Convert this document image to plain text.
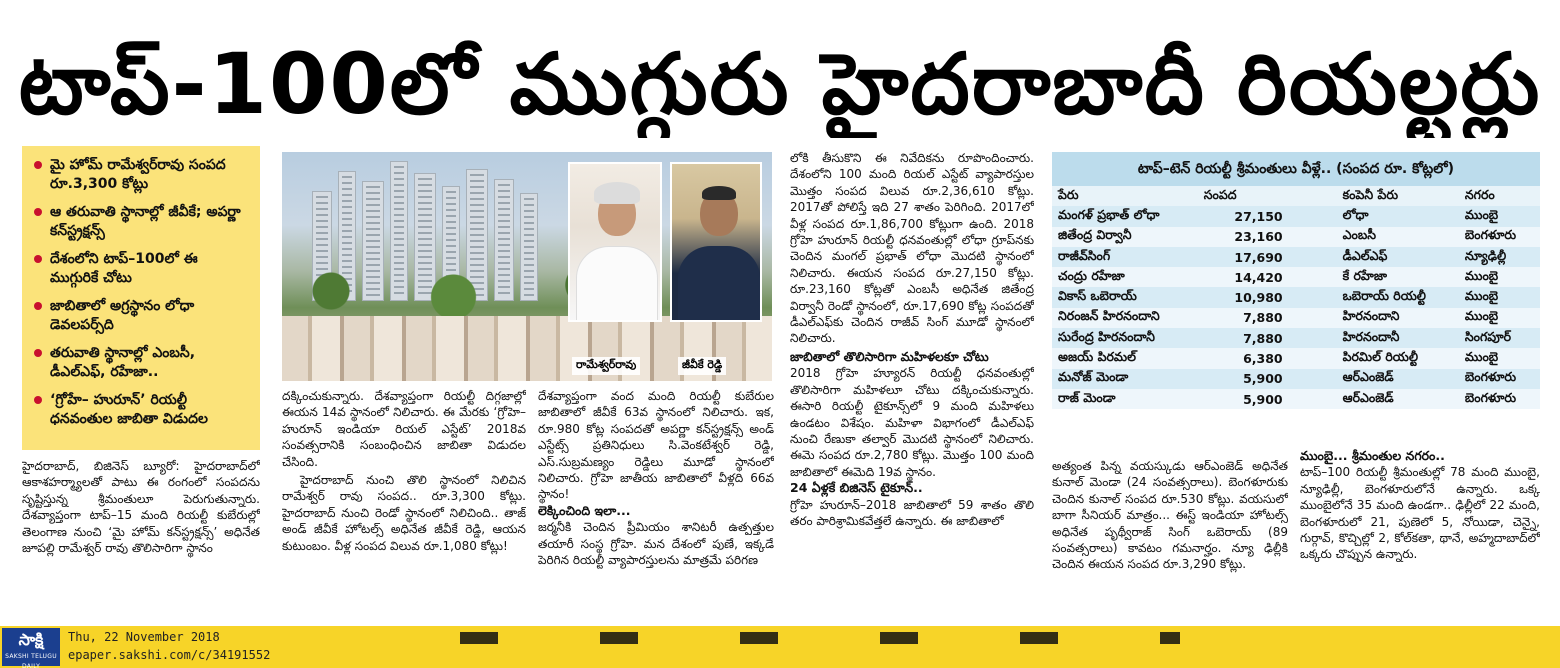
టాప్-100లో ముగ్గురు హైదరాబాదీ రియల్టర్లు
మై హోమ్ రామేశ్వర్‌రావు సంపద రూ.3,300 కోట్లు
ఆ తరువాతి స్థానాల్లో జీవీకే; అపర్ణా కన్‌స్ట్రక్షన్స్
దేశంలోని టాప్–100లో ఈ ముగ్గురికే చోటు
జాబితాలో అగ్రస్థానం లోధా డెవలపర్స్‌ది
తరువాతి స్థానాల్లో ఎంబసీ, డీఎల్‌ఎఫ్, రహేజా..
‘గ్రోహే– హురూన్’ రియల్టీ ధనవంతుల జాబితా విడుదల
రామేశ్వర్‌రావు	జీవీకే రెడ్డి
హైదరాబాద్, బిజినెస్ బ్యూరో: హైదరాబాద్‌లో ఆకాశహర్మ్యాలతో పాటు ఈ రంగంలో సంపదను సృష్టిస్తున్న శ్రీమంతులూ పెరుగుతున్నారు. దేశవ్యాప్తంగా టాప్–15 మంది రియల్టీ కుబేరుల్లో తెలంగాణ నుంచి ‘మై హోమ్ కన్‌స్ట్రక్షన్స్’ అధినేత జూపల్లి రామేశ్వర్ రావు తొలిసారిగా స్థానం

దక్కించుకున్నారు. దేశవ్యాప్తంగా రియల్టీ దిగ్గజాల్లో ఈయన 14వ స్థానంలో నిలిచారు. ఈ మేరకు ‘గ్రోహె– హురూన్ ఇండియా రియల్ ఎస్టేట్’ 2018వ సంవత్సరానికి సంబంధించిన జాబితా విడుదల చేసింది.

హైదరాబాద్ నుంచి తొలి స్థానంలో నిలిచిన రామేశ్వర్ రావు సంపద.. రూ.3,300 కోట్లు. హైదరాబాద్ నుంచి రెండో స్థానంలో నిలిచింది.. తాజ్ అండ్ జీవీకే హోటల్స్ అధినేత జీవీకే రెడ్డి, ఆయన కుటుంబం. వీళ్ల సంపద విలువ రూ.1,080 కోట్లు!

దేశవ్యాప్తంగా వంద మంది రియల్టీ కుబేరుల జాబితాలో జీవీకే 63వ స్థానంలో నిలిచారు. ఇక, రూ.980 కోట్ల సంపదతో అపర్ణా కన్‌స్ట్రక్షన్స్ అండ్ ఎస్టేట్స్ ప్రతినిధులు సి.వెంకటేశ్వర్ రెడ్డి, ఎస్.సుబ్రమణ్యం రెడ్డిలు మూడో స్థానంలో నిలిచారు. గ్రోహె జాతీయ జాబితాలో వీళ్లది 66వ స్థానం!

లెక్కించింది ఇలా...

జర్మనీకి చెందిన ప్రీమియం శానిటరీ ఉత్పత్తుల తయారీ సంస్థ గ్రోహె. మన దేశంలో పుణే, ఇక్కడే పెరిగిన రియల్టీ వ్యాపారస్తులను మాత్రమే పరిగణ

లోకి తీసుకొని ఈ నివేదికను రూపొందించారు. దేశంలోని 100 మంది రియల్ ఎస్టేట్ వ్యాపారస్తుల మొత్తం సంపద విలువ రూ.2,36,610 కోట్లు. 2017తో పోలిస్తే ఇది 27 శాతం పెరిగింది. 2017లో వీళ్ల సంపద రూ.1,86,700 కోట్లుగా ఉంది. 2018 గ్రోహె హురూన్ రియల్టీ ధనవంతుల్లో లోధా గ్రూప్‌నకు చెందిన మంగల్ ప్రభాత్ లోధా మొదటి స్థానంలో నిలిచారు. ఈయన సంపద రూ.27,150 కోట్లు. రూ.23,160 కోట్లతో ఎంబసీ అధినేత జితేంద్ర విర్వానీ రెండో స్థానంలో, రూ.17,690 కోట్ల సంపదతో డీఎల్‌ఎఫ్‌కు చెందిన రాజీవ్ సింగ్ మూడో స్థానంలో నిలిచారు.

జాబితాలో తొలిసారిగా మహిళలకూ చోటు

2018 గ్రోహె హ్యూరన్ రియల్టీ ధనవంతుల్లో తొలిసారిగా మహిళలూ చోటు దక్కించుకున్నారు. ఈసారి రియల్టీ టైకూన్స్‌లో 9 మంది మహిళలు ఉండటం విశేషం. మహిళా విభాగంలో డీఎల్‌ఎఫ్ నుంచి రేణుకా తల్వార్ మొదటి స్థానంలో నిలిచారు. ఈమె సంపద రూ.2,780 కోట్లు. మొత్తం 100 మంది జాబితాలో ఈమెది 19వ స్థానం.

24 ఏళ్లకే బిజినెస్ టైకూన్..

గ్రోహె హురూన్–2018 జాబితాలో 59 శాతం తొలి తరం పారిశ్రామికవేత్తలే ఉన్నారు. ఈ జాబితాలో

టాప్–టెన్ రియల్టీ శ్రీమంతులు వీళ్లే.. (సంపద రూ. కోట్లలో)
పేరు	సంపద	కంపెనీ పేరు	నగరం
మంగళ్ ప్రభాత్ లోధా	27,150	లోధా	ముంబై
జితేంద్ర విర్వానీ	23,160	ఎంబసీ	బెంగళూరు
రాజీవ్‌సింగ్	17,690	డీఎల్‌ఎఫ్	న్యూఢిల్లీ
చంద్రు రహేజా	14,420	కే రహేజా	ముంబై
వికాస్ ఒబెరాయ్	10,980	ఒబెరాయ్ రియల్టీ	ముంబై
నిరంజన్ హిరనందాని	7,880	హిరనందాని	ముంబై
సురేంద్ర హిరనందానీ	7,880	హిరనందానీ	సింగపూర్
అజయ్ పిరమల్	6,380	పిరమిల్ రియల్టీ	ముంబై
మనోజ్ మెండా	5,900	ఆర్‌ఎంజెడ్	బెంగళూరు
రాజ్ మెండా	5,900	ఆర్‌ఎంజెడ్	బెంగళూరు
అత్యంత పిన్న వయస్కుడు ఆర్‌ఎంజెడ్ అధినేత కునాల్ మెండా (24 సంవత్సరాలు). బెంగళూరుకు చెందిన కునాల్ సంపద రూ.530 కోట్లు. వయసులో బాగా సీనియర్ మాత్రం... ఈస్ట్ ఇండియా హోటల్స్ అధినేత పృథ్వీరాజ్ సింగ్ ఒబెరాయ్ (89 సంవత్సరాలు) కావటం గమనార్హం. న్యూ ఢిల్లీకి చెందిన ఈయన సంపద రూ.3,290 కోట్లు.

ముంబై... శ్రీమంతుల నగరం..

టాప్–100 రియల్టీ శ్రీమంతుల్లో 78 మంది ముంబై, న్యూఢిల్లీ, బెంగళూరులోనే ఉన్నారు. ఒక్క ముంబైలోనే 35 మంది ఉండగా.. ఢిల్లీలో 22 మంది, బెంగళూరులో 21, పుణెలో 5, నోయిడా, చెన్నై, గుర్గావ్, కొచ్చిల్లో 2, కోల్‌కతా, థానే, అహ్మదాబాద్‌లో ఒక్కరు చొప్పున ఉన్నారు.

సాక్షి
SAKSHI TELUGU DAILY
Thu, 22 November 2018
epaper.sakshi.com/c/34191552
